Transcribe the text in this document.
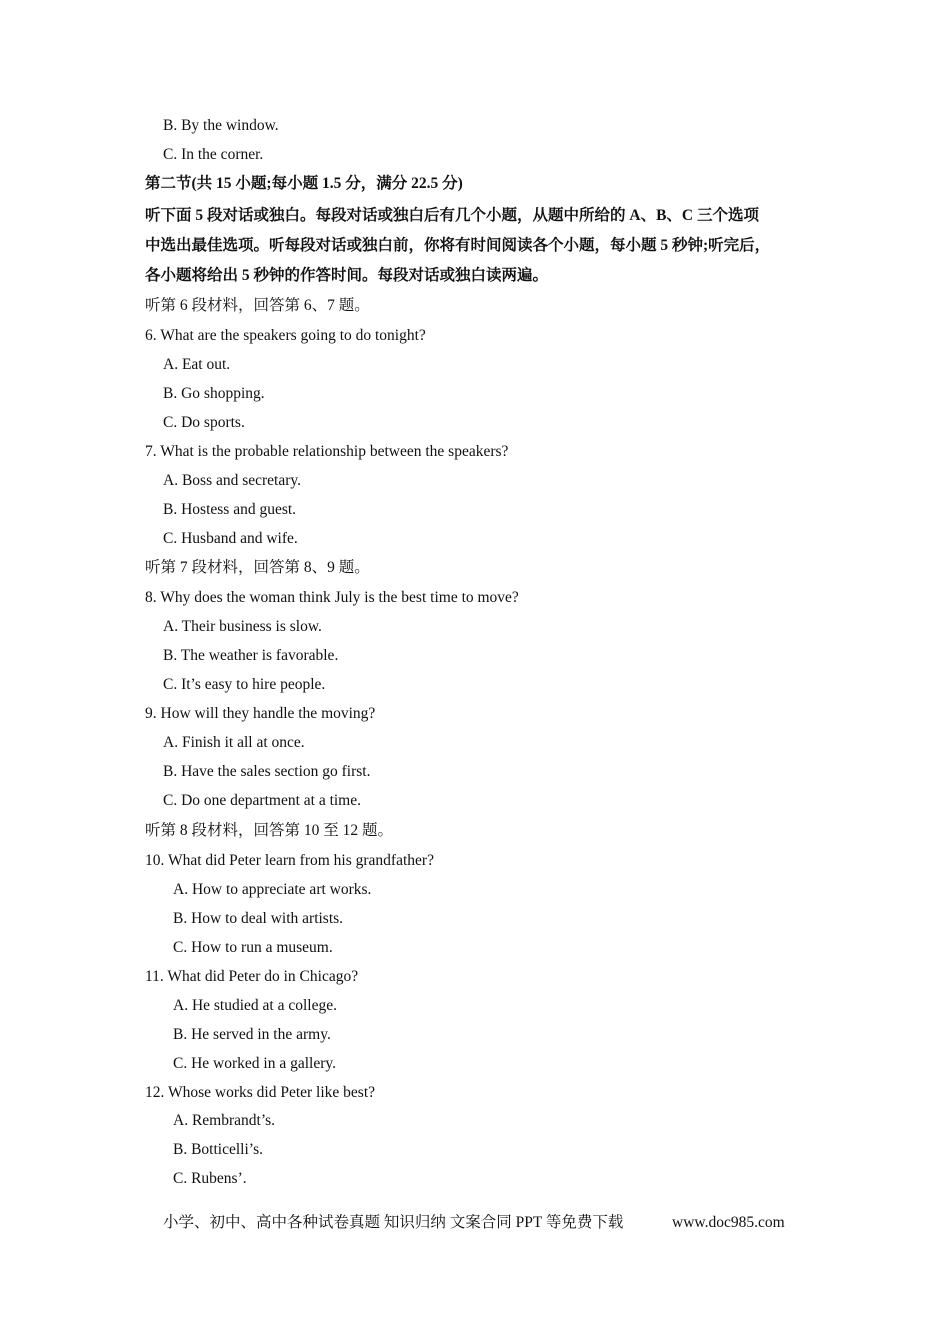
B. By the window.
C. In the corner.
第二节(共 15 小题;每小题 1.5 分，满分 22.5 分)
听下面 5 段对话或独白。每段对话或独白后有几个小题，从题中所给的 A、B、C 三个选项
中选出最佳选项。听每段对话或独白前，你将有时间阅读各个小题，每小题 5 秒钟;听完后，
各小题将给出 5 秒钟的作答时间。每段对话或独白读两遍。
听第 6 段材料，回答第 6、7 题。
6. What are the speakers going to do tonight?
A. Eat out.
B. Go shopping.
C. Do sports.
7. What is the probable relationship between the speakers?
A. Boss and secretary.
B. Hostess and guest.
C. Husband and wife.
听第 7 段材料，回答第 8、9 题。
8. Why does the woman think July is the best time to move?
A. Their business is slow.
B. The weather is favorable.
C. It’s easy to hire people.
9. How will they handle the moving?
A. Finish it all at once.
B. Have the sales section go first.
C. Do one department at a time.
听第 8 段材料，回答第 10 至 12 题。
10. What did Peter learn from his grandfather?
A. How to appreciate art works.
B. How to deal with artists.
C. How to run a museum.
11. What did Peter do in Chicago?
A. He studied at a college.
B. He served in the army.
C. He worked in a gallery.
12. Whose works did Peter like best?
A. Rembrandt’s.
B. Botticelli’s.
C. Rubens’.
小学、初中、高中各种试卷真题 知识归纳 文案合同 PPT 等免费下载	www.doc985.com
